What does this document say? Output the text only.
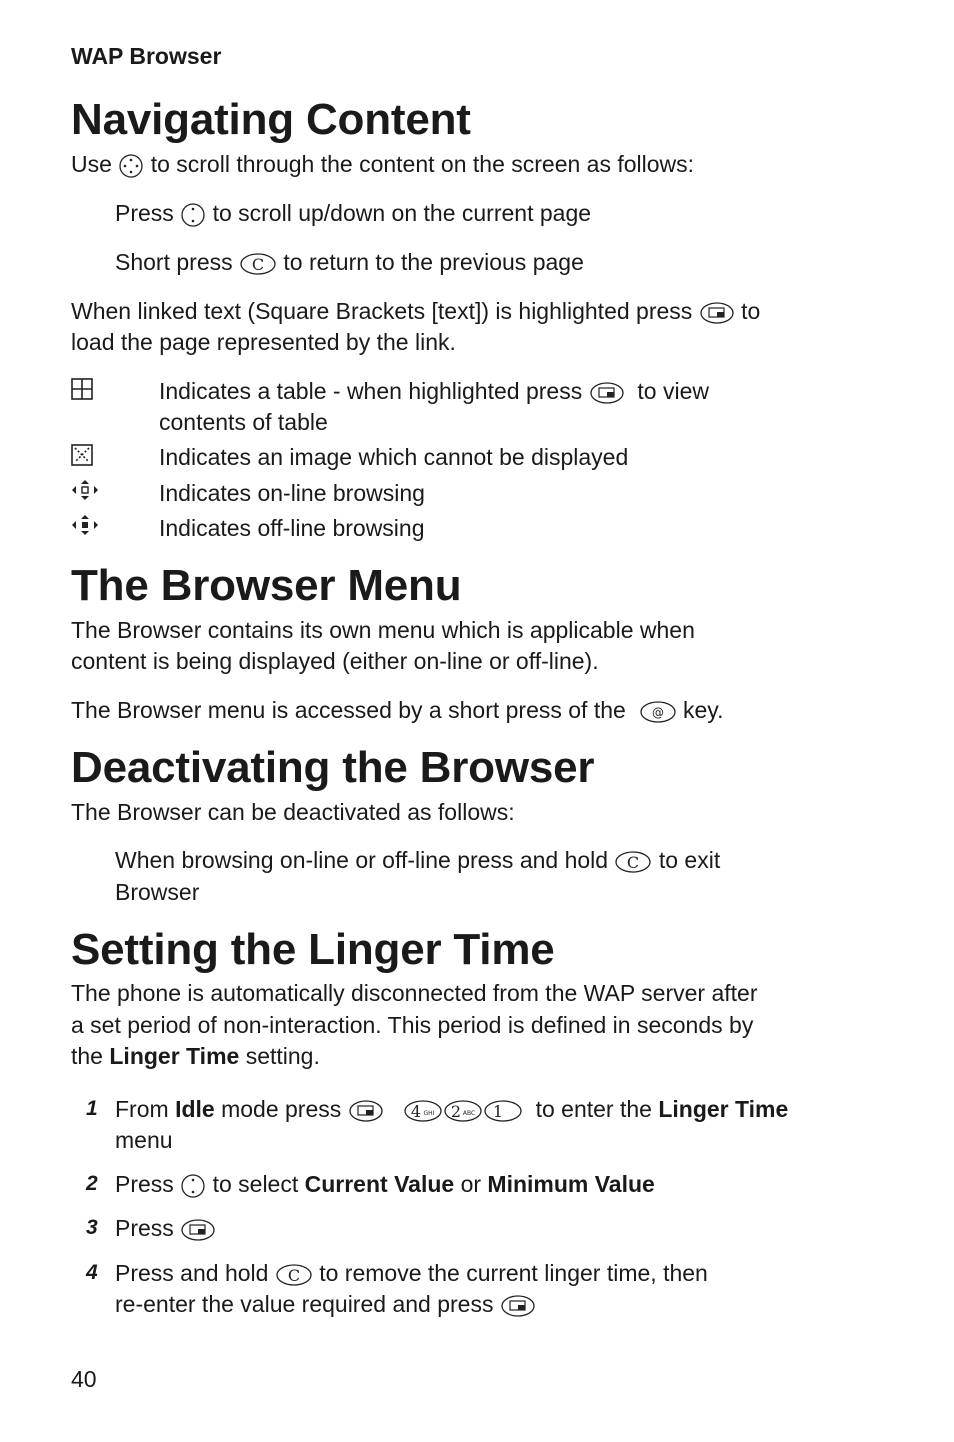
WAP Browser
Navigating Content
Use to scroll through the content on the screen as follows:
Press to scroll up/down on the current page
Short press C to return to the previous page
When linked text (Square Brackets [text]) is highlighted press to
load the page represented by the link.
Indicates a table - when highlighted press to view
contents of table
Indicates an image which cannot be displayed
Indicates on-line browsing
Indicates off-line browsing
The Browser Menu
The Browser contains its own menu which is applicable when
content is being displayed (either on-line or off-line).
The Browser menu is accessed by a short press of the @ key.
Deactivating the Browser
The Browser can be deactivated as follows:
When browsing on-line or off-line press and hold C to exit
Browser
Setting the Linger Time
The phone is automatically disconnected from the WAP server after
a set period of non-interaction. This period is defined in seconds by
the Linger Time setting.
1 From Idle mode press
	4 GHI 2 ABC 1 to enter the Linger Time
menu
2 Press to select Current Value or Minimum Value
3 Press
4 Press and hold C to remove the current linger time, then
re-enter the value required and press
40
